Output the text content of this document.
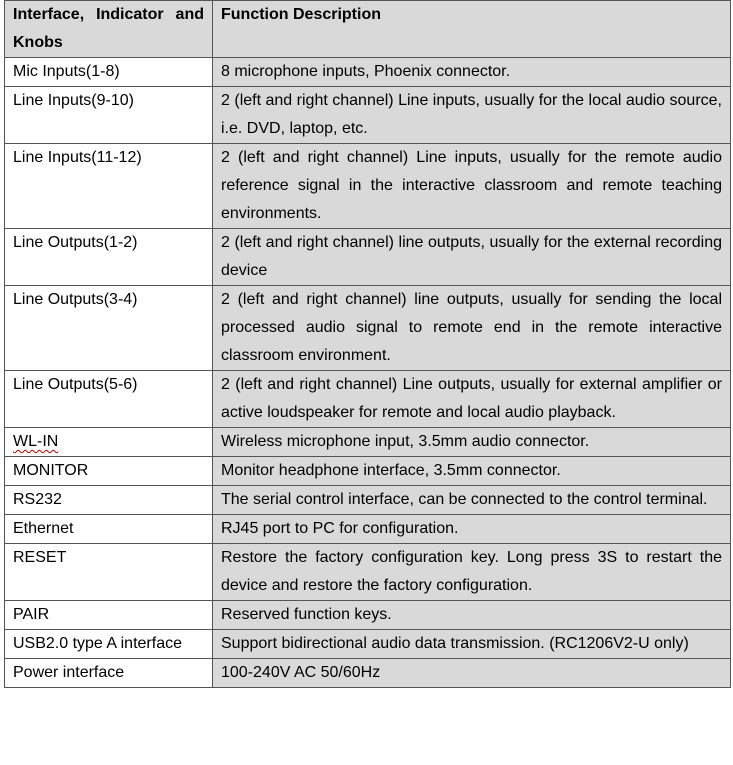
Interface, Indicator and Knobs	Function Description
Mic Inputs(1-8)	8 microphone inputs, Phoenix connector.
Line Inputs(9-10)	2 (left and right channel) Line inputs, usually for the local audio source, i.e. DVD, laptop, etc.
Line Inputs(11-12)	2 (left and right channel) Line inputs, usually for the remote audio reference signal in the interactive classroom and remote teaching environments.
Line Outputs(1-2)	2 (left and right channel) line outputs, usually for the external recording device
Line Outputs(3-4)	2 (left and right channel) line outputs, usually for sending the local processed audio signal to remote end in the remote interactive classroom environment.
Line Outputs(5-6)	2 (left and right channel) Line outputs, usually for external amplifier or active loudspeaker for remote and local audio playback.
WL-IN	Wireless microphone input, 3.5mm audio connector.
MONITOR	Monitor headphone interface, 3.5mm connector.
RS232	The serial control interface, can be connected to the control terminal.
Ethernet	RJ45 port to PC for configuration.
RESET	Restore the factory configuration key. Long press 3S to restart the device and restore the factory configuration.
PAIR	Reserved function keys.
USB2.0 type A interface	Support bidirectional audio data transmission. (RC1206V2-U only)
Power interface	100-240V AC 50/60Hz
